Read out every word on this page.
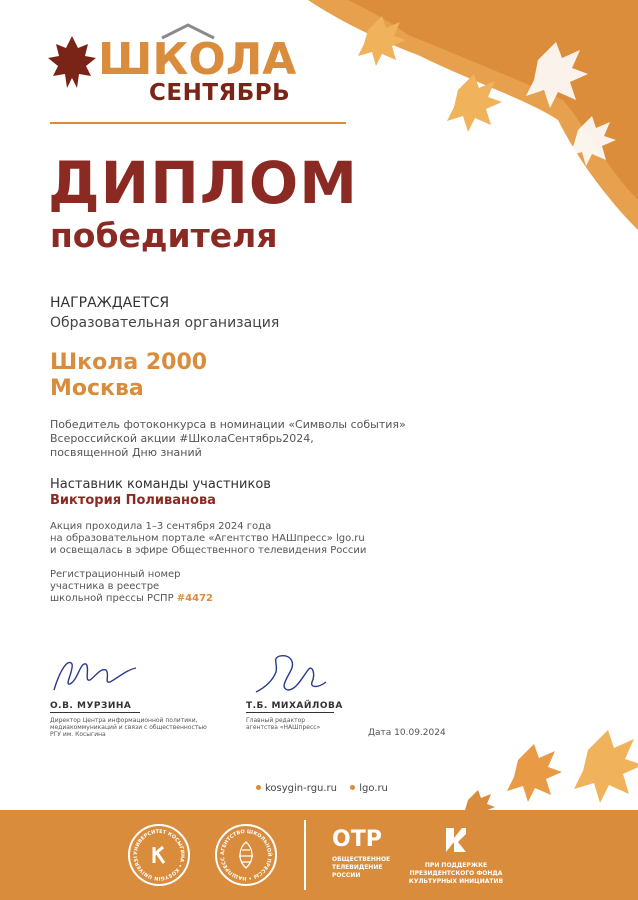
ШКОЛА
СЕНТЯБРЬ
ДИПЛОМ
победителя
НАГРАЖДАЕТСЯ
Образовательная организация
Школа 2000
Москва
Победитель фотоконкурса в номинации «Символы события»
Всероссийской акции #ШколаСентябрь2024,
посвященной Дню знаний
Наставник команды участников
Виктория Поливанова
Акция проходила 1–3 сентября 2024 года
на образовательном портале «Агентство НАШпресс» lgo.ru
и освещалась в эфире Общественного телевидения России
Регистрационный номер
участника в реестре
школьной прессы РСПР #4472
О.В. МУРЗИНА
Директор Центра информационной политики,
медиакоммуникаций и связи с общественностью
РГУ им. Косыгина
Т.Б. МИХАЙЛОВА
Главный редактор
агентства «НАШпресс»
Дата 10.09.2024
kosygin-rgu.ru lgo.ru
УНИВЕРСИТЕТ КОСЫГИНА • KOSYGIN UNIVERSI
АГЕНТСТВО ШКОЛЬНОЙ ПРЕССЫ • НАШПРЕСС
ОТР
ОБЩЕСТВЕННОЕ
ТЕЛЕВИДЕНИЕ
РОССИИ
ПРИ ПОДДЕРЖКЕ
ПРЕЗИДЕНТСКОГО ФОНДА
КУЛЬТУРНЫХ ИНИЦИАТИВ
